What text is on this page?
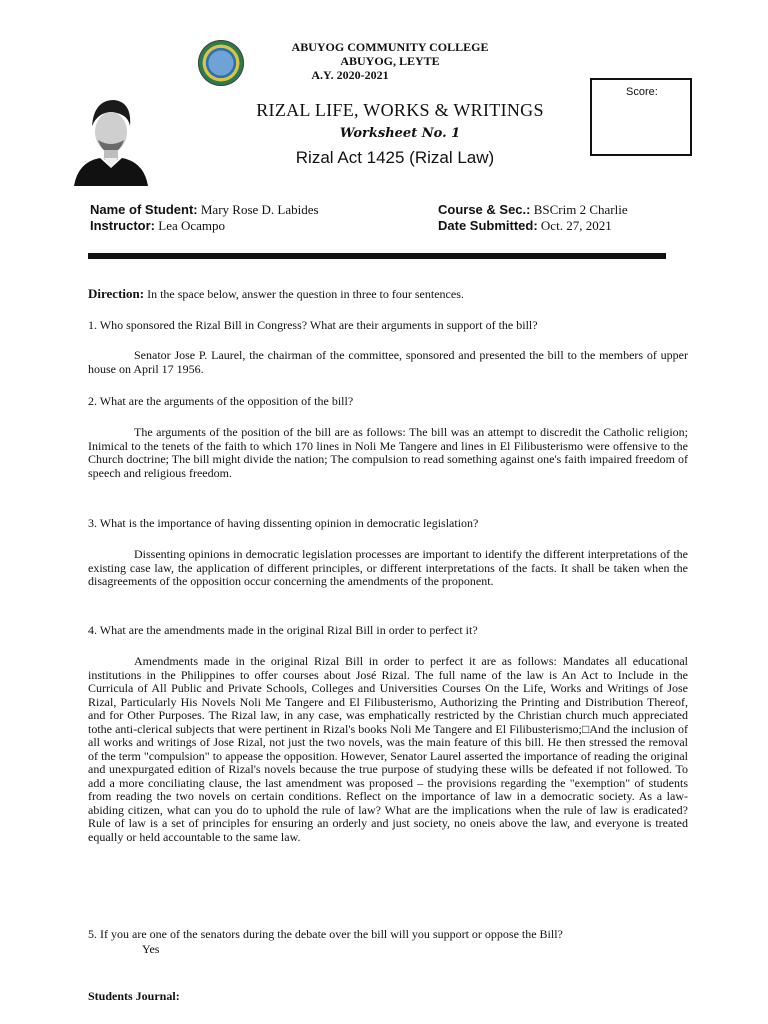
ABUYOG COMMUNITY COLLEGE
ABUYOG, LEYTE
A.Y. 2020-2021
Score:
RIZAL LIFE, WORKS & WRITINGS
Worksheet No. 1
Rizal Act 1425 (Rizal Law)
Name of Student: Mary Rose D. Labides
Instructor: Lea Ocampo
Course & Sec.: BSCrim 2 Charlie
Date Submitted: Oct. 27, 2021
Direction: In the space below, answer the question in three to four sentences.
1. Who sponsored the Rizal Bill in Congress? What are their arguments in support of the bill?
Senator Jose P. Laurel, the chairman of the committee, sponsored and presented the bill to the members of upper house on April 17 1956.
2. What are the arguments of the opposition of the bill?
The arguments of the position of the bill are as follows: The bill was an attempt to discredit the Catholic religion; Inimical to the tenets of the faith to which 170 lines in Noli Me Tangere and lines in El Filibusterismo were offensive to the Church doctrine; The bill might divide the nation; The compulsion to read something against one's faith impaired freedom of speech and religious freedom.
3. What is the importance of having dissenting opinion in democratic legislation?
Dissenting opinions in democratic legislation processes are important to identify the different interpretations of the existing case law, the application of different principles, or different interpretations of the facts. It shall be taken when the disagreements of the opposition occur concerning the amendments of the proponent.
4. What are the amendments made in the original Rizal Bill in order to perfect it?
Amendments made in the original Rizal Bill in order to perfect it are as follows: Mandates all educational institutions in the Philippines to offer courses about José Rizal. The full name of the law is An Act to Include in the Curricula of All Public and Private Schools, Colleges and Universities Courses On the Life, Works and Writings of Jose Rizal, Particularly His Novels Noli Me Tangere and El Filibusterismo, Authorizing the Printing and Distribution Thereof, and for Other Purposes. The Rizal law, in any case, was emphatically restricted by the Christian church much appreciated tothe anti-clerical subjects that were pertinent in Rizal's books Noli Me Tangere and El Filibusterismo;□And the inclusion of all works and writings of Jose Rizal, not just the two novels, was the main feature of this bill. He then stressed the removal of the term "compulsion" to appease the opposition. However, Senator Laurel asserted the importance of reading the original and unexpurgated edition of Rizal's novels because the true purpose of studying these wills be defeated if not followed. To add a more conciliating clause, the last amendment was proposed – the provisions regarding the "exemption" of students from reading the two novels on certain conditions. Reflect on the importance of law in a democratic society. As a law-abiding citizen, what can you do to uphold the rule of law? What are the implications when the rule of law is eradicated? Rule of law is a set of principles for ensuring an orderly and just society, no oneis above the law, and everyone is treated equally or held accountable to the same law.
5. If you are one of the senators during the debate over the bill will you support or oppose the Bill?
Yes
Students Journal:
